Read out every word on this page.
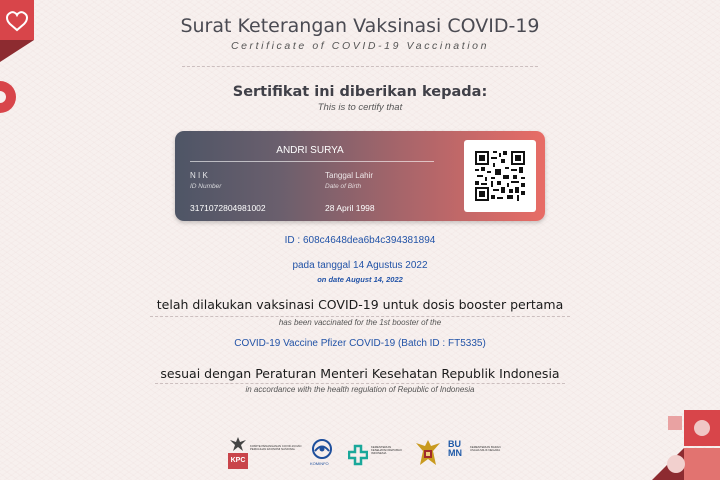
Surat Keterangan Vaksinasi COVID-19
Certificate of COVID-19 Vaccination
Sertifikat ini diberikan kepada:
This is to certify that
ANDRI SURYA
N I K
ID Number
3171072804981002
Tanggal Lahir
Date of Birth
28 April 1998
ID : 608c4648dea6b4c394381894
pada tanggal 14 Agustus 2022
on date August 14, 2022
telah dilakukan vaksinasi COVID-19 untuk dosis booster pertama
has been vaccinated for the 1st booster of the
COVID-19 Vaccine Pfizer COVID-19 (Batch ID : FT5335)
sesuai dengan Peraturan Menteri Kesehatan Republik Indonesia
in accordance with the health regulation of Republic of Indonesia
KPC
KOMITE PENANGANAN COVID-19 DAN PEMULIHAN EKONOMI NASIONAL
KOMINFO
KEMENTERIAN KESEHATAN REPUBLIK INDONESIA
BUMN
KEMENTERIAN BADAN USAHA MILIK NEGARA
